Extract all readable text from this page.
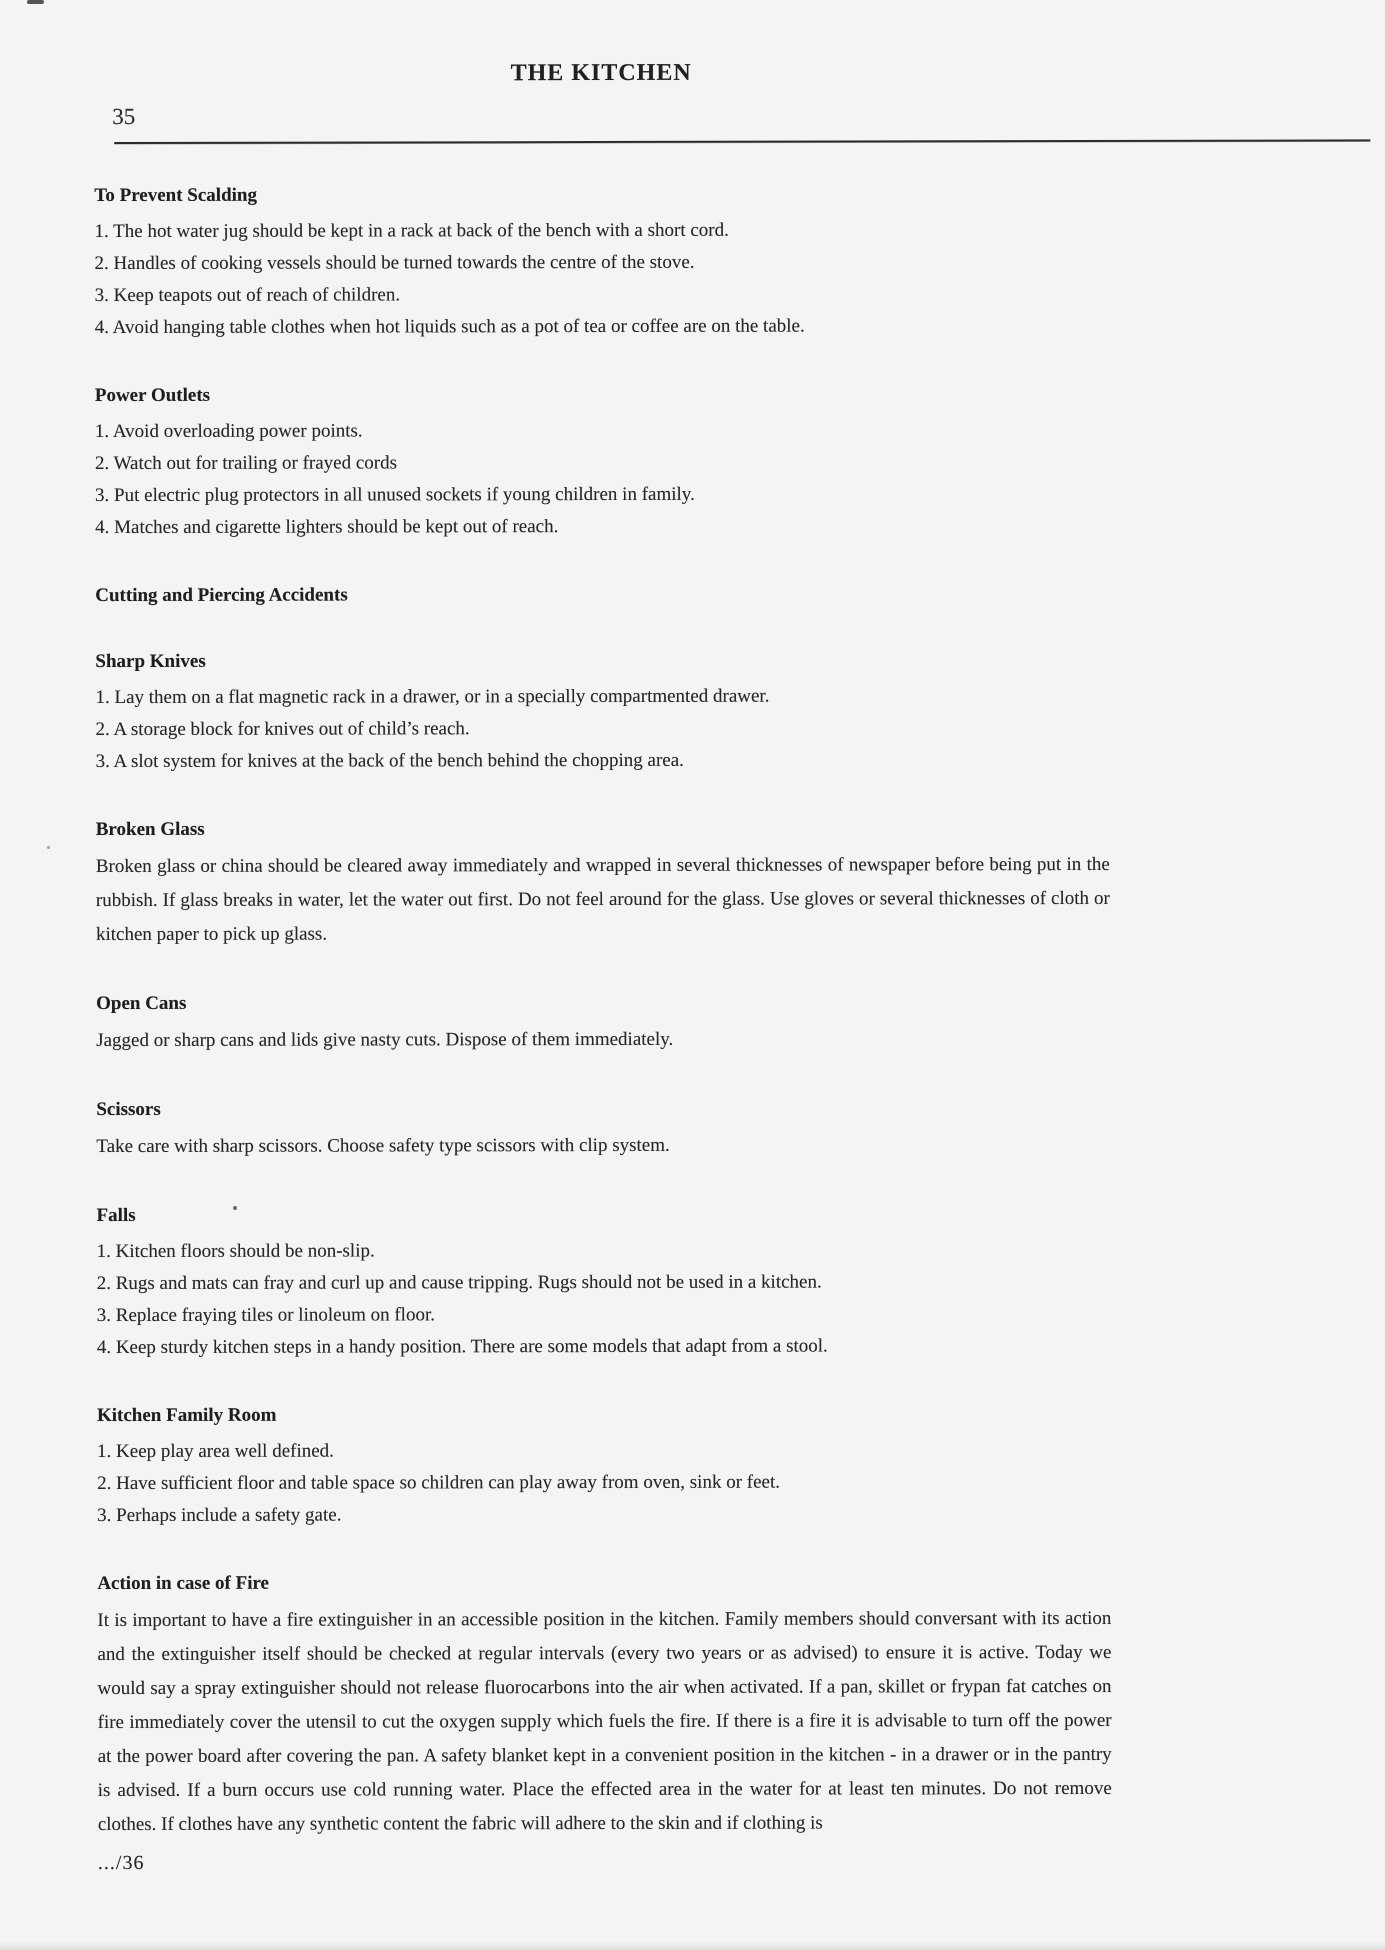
THE KITCHEN
35
To Prevent Scalding
1. The hot water jug should be kept in a rack at back of the bench with a short cord.
2. Handles of cooking vessels should be turned towards the centre of the stove.
3. Keep teapots out of reach of children.
4. Avoid hanging table clothes when hot liquids such as a pot of tea or coffee are on the table.
Power Outlets
1. Avoid overloading power points.
2. Watch out for trailing or frayed cords
3. Put electric plug protectors in all unused sockets if young children in family.
4. Matches and cigarette lighters should be kept out of reach.
Cutting and Piercing Accidents
Sharp Knives
1. Lay them on a flat magnetic rack in a drawer, or in a specially compartmented drawer.
2. A storage block for knives out of child’s reach.
3. A slot system for knives at the back of the bench behind the chopping area.
Broken Glass

Broken glass or china should be cleared away immediately and wrapped in several thicknesses of newspaper before being put in the rubbish. If glass breaks in water, let the water out first. Do not feel around for the glass. Use gloves or several thicknesses of cloth or kitchen paper to pick up glass.

Open Cans

Jagged or sharp cans and lids give nasty cuts. Dispose of them immediately.

Scissors

Take care with sharp scissors. Choose safety type scissors with clip system.

Falls
1. Kitchen floors should be non-slip.
2. Rugs and mats can fray and curl up and cause tripping. Rugs should not be used in a kitchen.
3. Replace fraying tiles or linoleum on floor.
4. Keep sturdy kitchen steps in a handy position. There are some models that adapt from a stool.
Kitchen Family Room
1. Keep play area well defined.
2. Have sufficient floor and table space so children can play away from oven, sink or feet.
3. Perhaps include a safety gate.
Action in case of Fire

It is important to have a fire extinguisher in an accessible position in the kitchen. Family members should conversant with its action and the extinguisher itself should be checked at regular intervals (every two years or as advised) to ensure it is active. Today we would say a spray extinguisher should not release fluorocarbons into the air when activated. If a pan, skillet or frypan fat catches on fire immediately cover the utensil to cut the oxygen supply which fuels the fire. If there is a fire it is advisable to turn off the power at the power board after covering the pan. A safety blanket kept in a convenient position in the kitchen - in a drawer or in the pantry is advised. If a burn occurs use cold running water. Place the effected area in the water for at least ten minutes. Do not remove clothes. If clothes have any synthetic content the fabric will adhere to the skin and if clothing is

.../36
